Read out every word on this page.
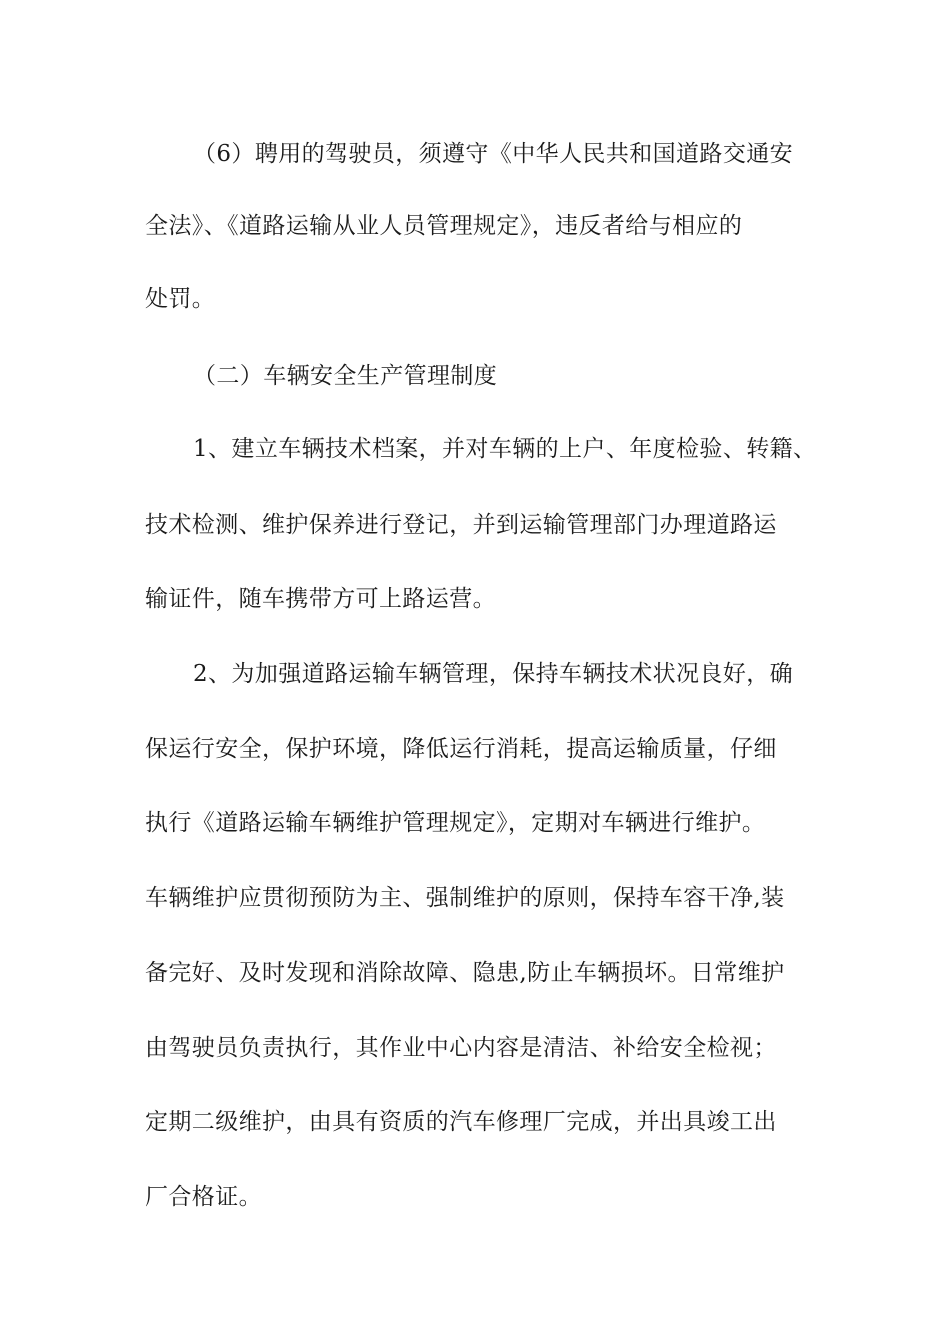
（6）聘用的驾驶员，须遵守《中华人民共和国道路交通安
全法》、《道路运输从业人员管理规定》，违反者给与相应的
处罚。
（二）车辆安全生产管理制度
1、建立车辆技术档案，并对车辆的上户、年度检验、转籍、
技术检测、维护保养进行登记，并到运输管理部门办理道路运
输证件，随车携带方可上路运营。
2、为加强道路运输车辆管理，保持车辆技术状况良好，确
保运行安全，保护环境，降低运行消耗，提高运输质量，仔细
执行《道路运输车辆维护管理规定》，定期对车辆进行维护。
车辆维护应贯彻预防为主、强制维护的原则，保持车容干净,装
备完好、及时发现和消除故障、隐患,防止车辆损坏。日常维护
由驾驶员负责执行，其作业中心内容是清洁、补给安全检视；
定期二级维护，由具有资质的汽车修理厂完成，并出具竣工出
厂合格证。
